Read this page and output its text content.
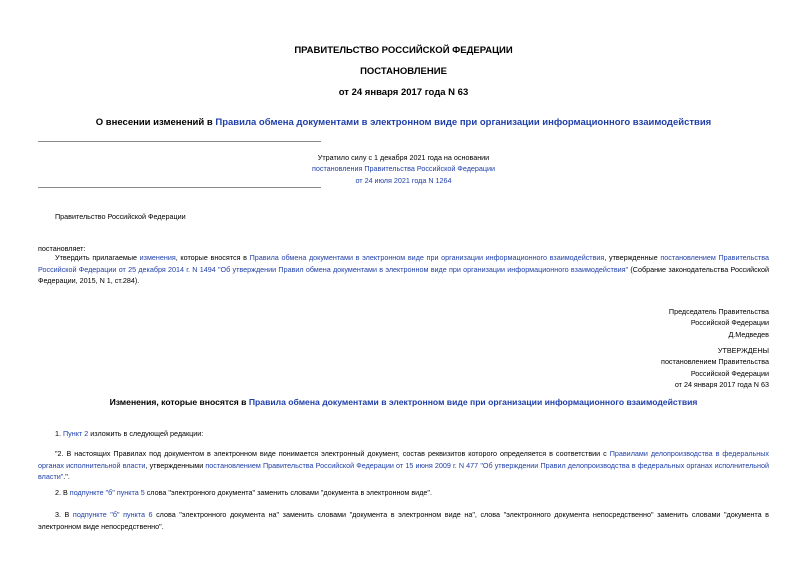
ПРАВИТЕЛЬСТВО РОССИЙСКОЙ ФЕДЕРАЦИИ
ПОСТАНОВЛЕНИЕ
от 24 января 2017 года N 63
О внесении изменений в Правила обмена документами в электронном виде при организации информационного взаимодействия
Утратило силу с 1 декабря 2021 года на основании
постановления Правительства Российской Федерации
от 24 июля 2021 года N 1264
Правительство Российской Федерации
постановляет:
Утвердить прилагаемые изменения, которые вносятся в Правила обмена документами в электронном виде при организации информационного взаимодействия, утвержденные постановлением Правительства Российской Федерации от 25 декабря 2014 г. N 1494 "Об утверждении Правил обмена документами в электронном виде при организации информационного взаимодействия" (Собрание законодательства Российской Федерации, 2015, N 1, ст.284).
Председатель Правительства
Российской Федерации
Д.Медведев
УТВЕРЖДЕНЫ
постановлением Правительства
Российской Федерации
от 24 января 2017 года N 63
Изменения, которые вносятся в Правила обмена документами в электронном виде при организации информационного взаимодействия
1. Пункт 2 изложить в следующей редакции:
"2. В настоящих Правилах под документом в электронном виде понимается электронный документ, состав реквизитов которого определяется в соответствии с Правилами делопроизводства в федеральных органах исполнительной власти, утвержденными постановлением Правительства Российской Федерации от 15 июня 2009 г. N 477 "Об утверждении Правил делопроизводства в федеральных органах исполнительной власти".".
2. В подпункте "б" пункта 5 слова "электронного документа" заменить словами "документа в электронном виде".
3. В подпункте "б" пункта 6 слова "электронного документа на" заменить словами "документа в электронном виде на", слова "электронного документа непосредственно" заменить словами "документа в электронном виде непосредственно".
